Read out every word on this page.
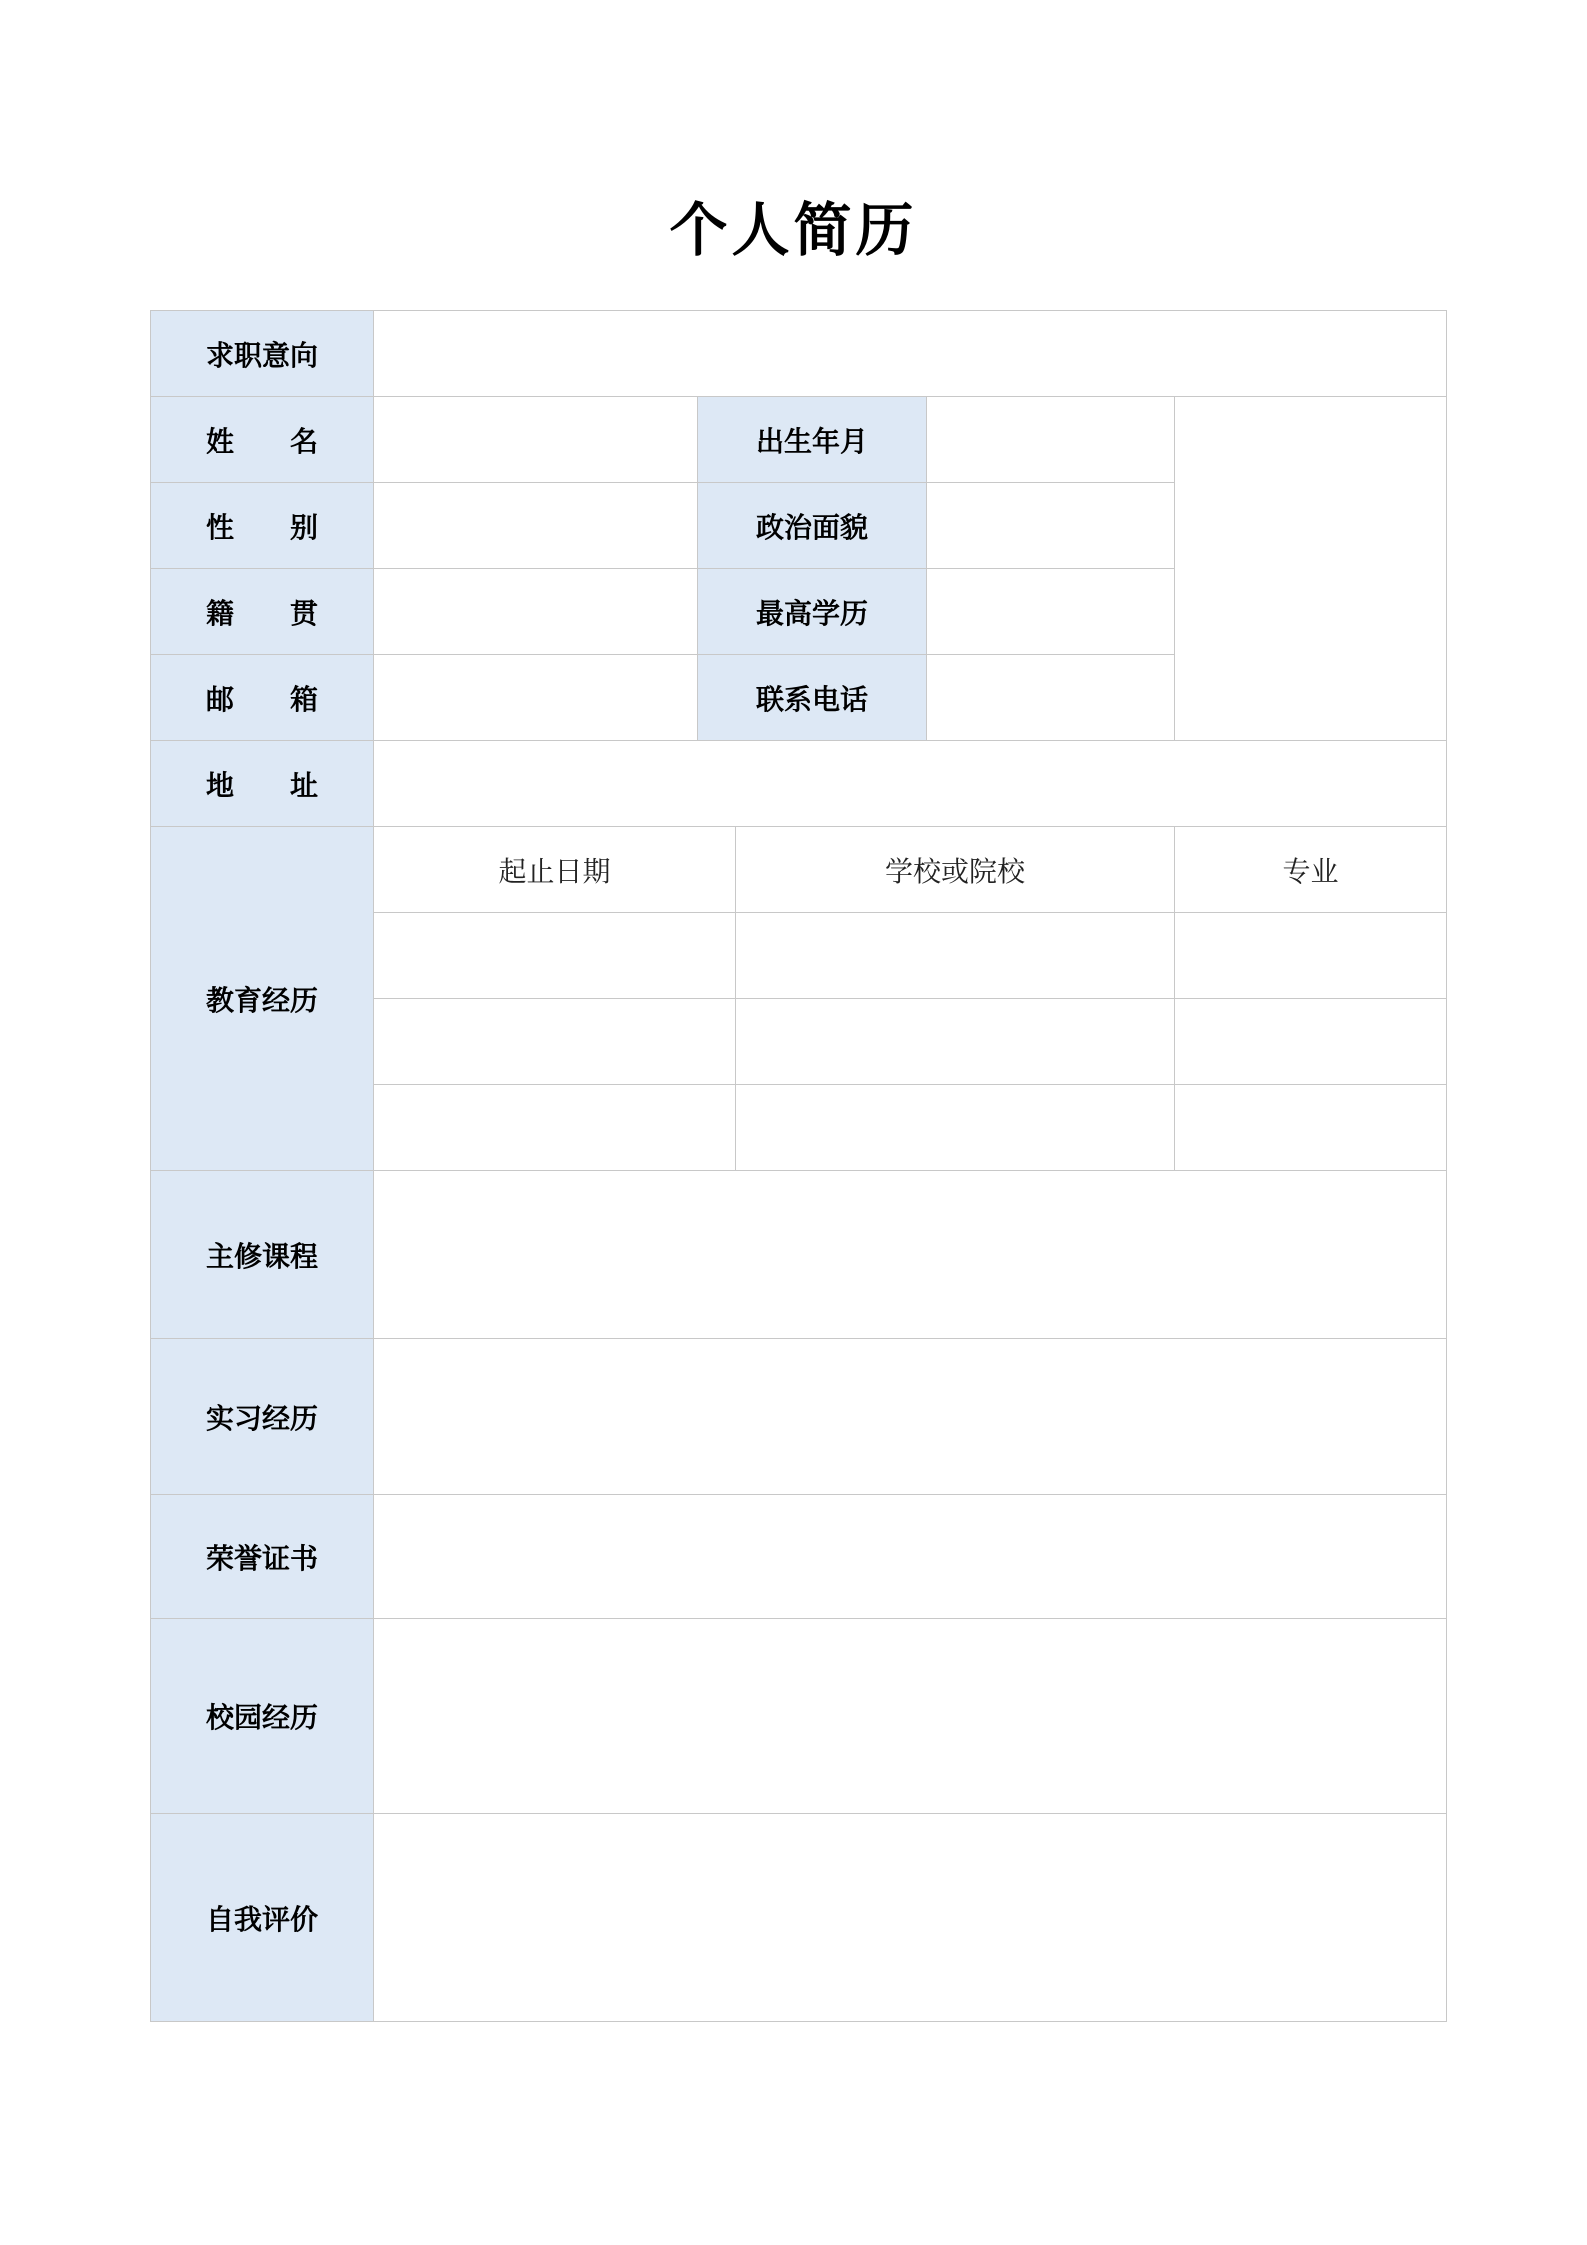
个人简历
求职意向					
姓　名		出生年月			
性　别		政治面貌			
籍　贯		最高学历			
邮　箱		联系电话			
地　址					
教育经历	起止日期		学校或院校		专业

主修课程					
实习经历					
荣誉证书					
校园经历					
自我评价					
